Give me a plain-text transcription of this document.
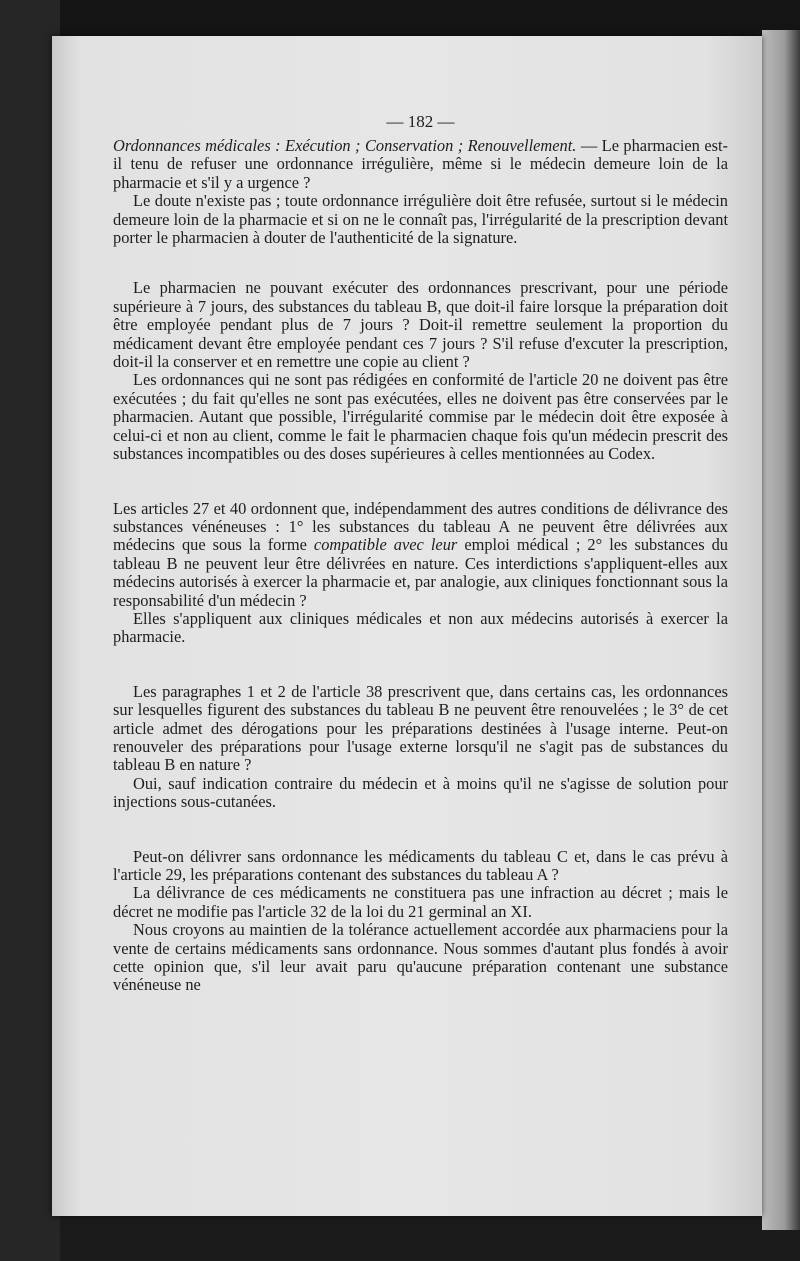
— 182 —

Ordonnances médicales : Exécution ; Conservation ; Renouvellement. — Le pharmacien est-il tenu de refuser une ordonnance irrégulière, même si le médecin demeure loin de la pharmacie et s'il y a urgence ?

Le doute n'existe pas ; toute ordonnance irrégulière doit être refusée, surtout si le médecin demeure loin de la pharmacie et si on ne le connaît pas, l'irrégularité de la prescription devant porter le pharmacien à douter de l'authenticité de la signature.

Le pharmacien ne pouvant exécuter des ordonnances prescrivant, pour une période supérieure à 7 jours, des substances du tableau B, que doit-il faire lorsque la préparation doit être employée pendant plus de 7 jours ? Doit-il remettre seulement la proportion du médicament devant être employée pendant ces 7 jours ? S'il refuse d'excuter la prescription, doit-il la conserver et en remettre une copie au client ?

Les ordonnances qui ne sont pas rédigées en conformité de l'article 20 ne doivent pas être exécutées ; du fait qu'elles ne sont pas exécutées, elles ne doivent pas être conservées par le pharmacien. Autant que possible, l'irrégularité commise par le médecin doit être exposée à celui-ci et non au client, comme le fait le pharmacien chaque fois qu'un médecin prescrit des substances incompatibles ou des doses supérieures à celles mentionnées au Codex.

Les articles 27 et 40 ordonnent que, indépendamment des autres conditions de délivrance des substances vénéneuses : 1° les substances du tableau A ne peuvent être délivrées aux médecins que sous la forme compatible avec leur emploi médical ; 2° les substances du tableau B ne peuvent leur être délivrées en nature. Ces interdictions s'appliquent-elles aux médecins autorisés à exercer la pharmacie et, par analogie, aux cliniques fonctionnant sous la responsabilité d'un médecin ?

Elles s'appliquent aux cliniques médicales et non aux médecins autorisés à exercer la pharmacie.

Les paragraphes 1 et 2 de l'article 38 prescrivent que, dans certains cas, les ordonnances sur lesquelles figurent des substances du tableau B ne peuvent être renouvelées ; le 3° de cet article admet des dérogations pour les préparations destinées à l'usage interne. Peut-on renouveler des préparations pour l'usage externe lorsqu'il ne s'agit pas de substances du tableau B en nature ?

Oui, sauf indication contraire du médecin et à moins qu'il ne s'agisse de solution pour injections sous-cutanées.

Peut-on délivrer sans ordonnance les médicaments du tableau C et, dans le cas prévu à l'article 29, les préparations contenant des substances du tableau A ?

La délivrance de ces médicaments ne constituera pas une infraction au décret ; mais le décret ne modifie pas l'article 32 de la loi du 21 germinal an XI.

Nous croyons au maintien de la tolérance actuellement accordée aux pharmaciens pour la vente de certains médicaments sans ordonnance. Nous sommes d'autant plus fondés à avoir cette opinion que, s'il leur avait paru qu'aucune préparation contenant une substance vénéneuse ne
